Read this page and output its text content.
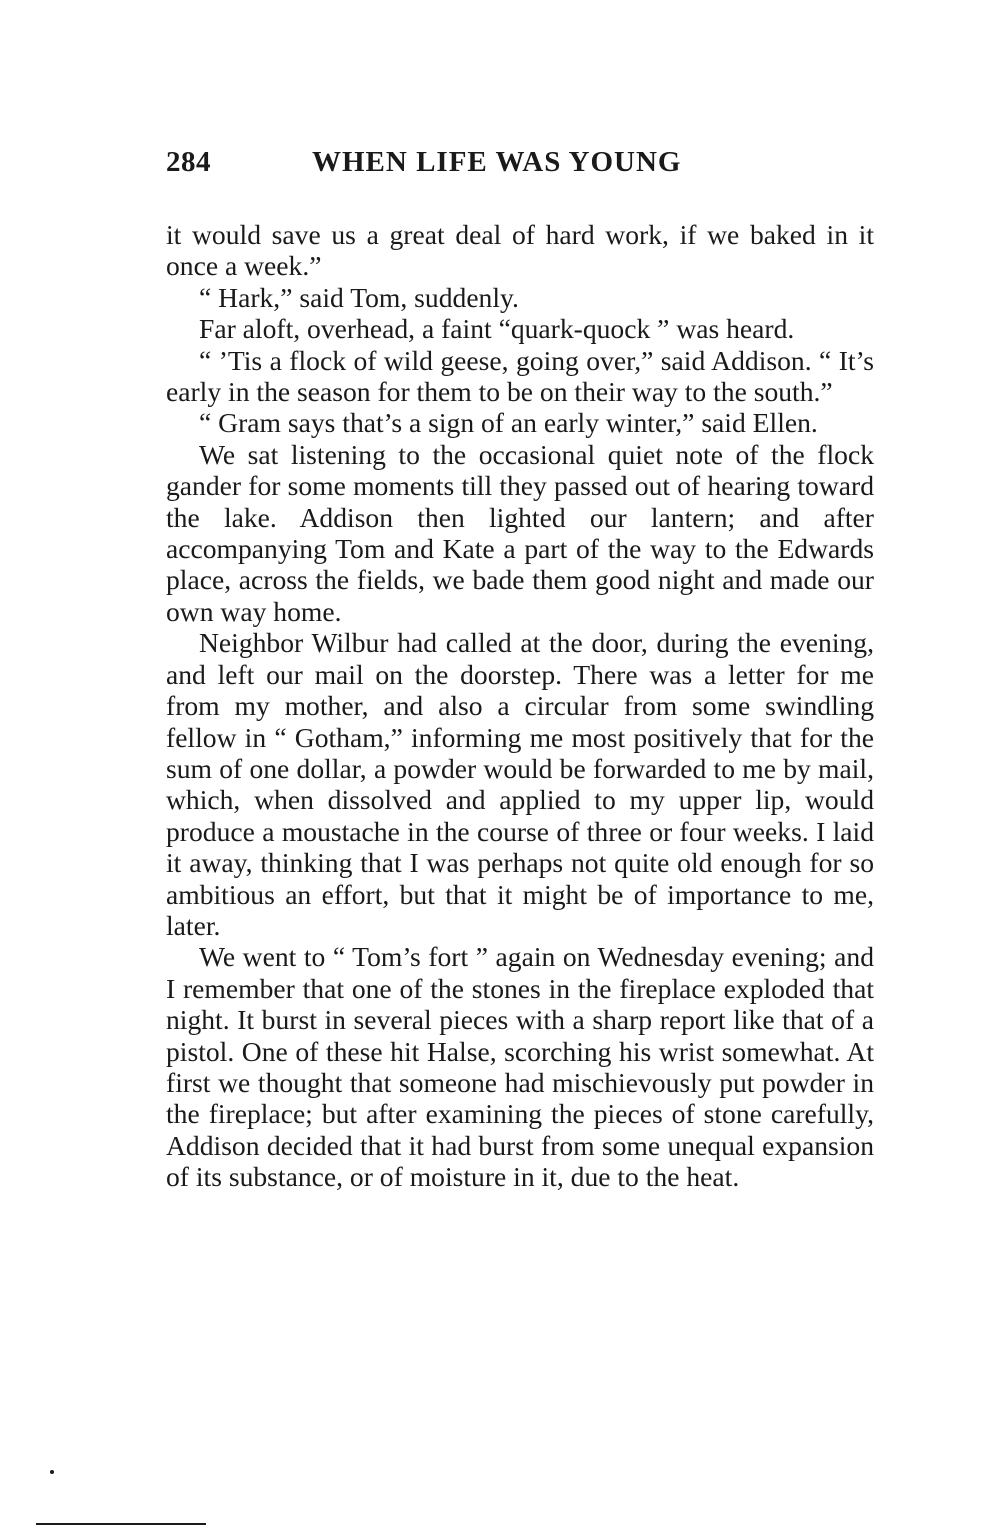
284	WHEN LIFE WAS YOUNG

it would save us a great deal of hard work, if we baked in it once a week.”

“ Hark,” said Tom, suddenly.

Far aloft, overhead, a faint “quark-quock ” was heard.

“ ’Tis a flock of wild geese, going over,” said Addison. “ It’s early in the season for them to be on their way to the south.”

“ Gram says that’s a sign of an early winter,” said Ellen.

We sat listening to the occasional quiet note of the flock gander for some moments till they passed out of hearing toward the lake. Addison then lighted our lantern; and after accompanying Tom and Kate a part of the way to the Edwards place, across the fields, we bade them good night and made our own way home.

Neighbor Wilbur had called at the door, during the evening, and left our mail on the doorstep. There was a letter for me from my mother, and also a circular from some swindling fellow in “ Gotham,” informing me most positively that for the sum of one dollar, a powder would be forwarded to me by mail, which, when dissolved and applied to my upper lip, would produce a moustache in the course of three or four weeks. I laid it away, thinking that I was perhaps not quite old enough for so ambitious an effort, but that it might be of importance to me, later.

We went to “ Tom’s fort ” again on Wednesday evening; and I remember that one of the stones in the fireplace exploded that night. It burst in several pieces with a sharp report like that of a pistol. One of these hit Halse, scorching his wrist somewhat. At first we thought that someone had mischievously put powder in the fireplace; but after examining the pieces of stone carefully, Addison decided that it had burst from some unequal expansion of its substance, or of moisture in it, due to the heat.
